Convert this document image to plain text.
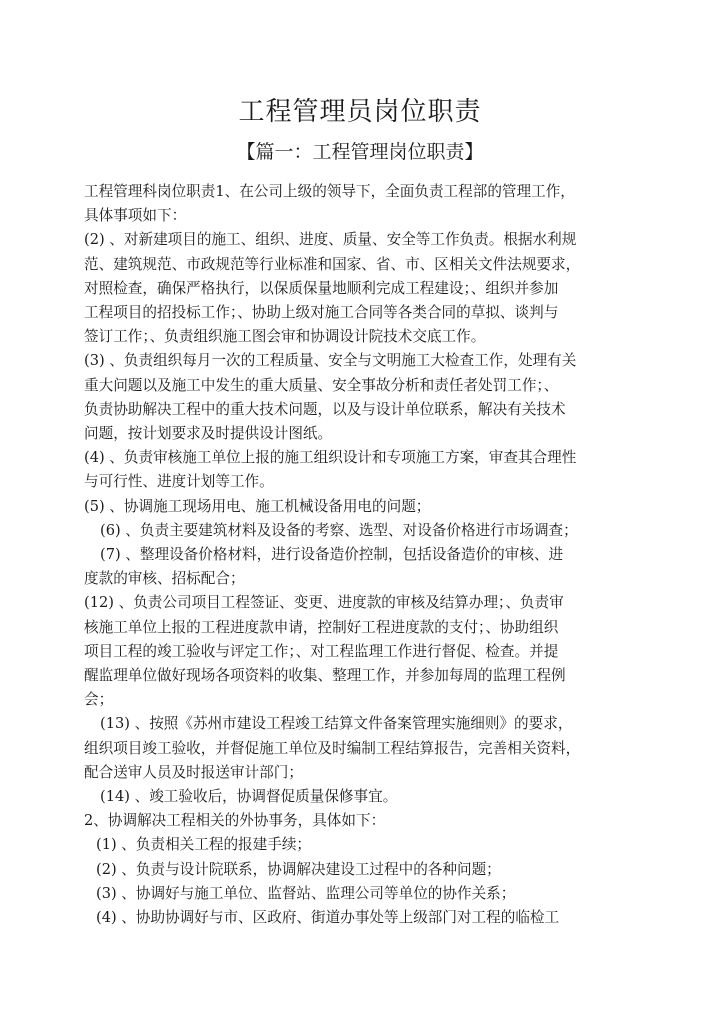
工程管理员岗位职责
【篇一：工程管理岗位职责】

工程管理科岗位职责1、在公司上级的领导下，全面负责工程部的管理工作，

具体事项如下：

(2) 、对新建项目的施工、组织、进度、质量、安全等工作负责。根据水利规

范、建筑规范、市政规范等行业标准和国家、省、市、区相关文件法规要求，

对照检查，确保严格执行，以保质保量地顺利完成工程建设；、组织并参加

工程项目的招投标工作；、协助上级对施工合同等各类合同的草拟、谈判与

签订工作；、负责组织施工图会审和协调设计院技术交底工作。

(3) 、负责组织每月一次的工程质量、安全与文明施工大检查工作，处理有关

重大问题以及施工中发生的重大质量、安全事故分析和责任者处罚工作；、

负责协助解决工程中的重大技术问题，以及与设计单位联系，解决有关技术

问题，按计划要求及时提供设计图纸。

(4) 、负责审核施工单位上报的施工组织设计和专项施工方案，审查其合理性

与可行性、进度计划等工作。

(5) 、协调施工现场用电、施工机械设备用电的问题；

(6) 、负责主要建筑材料及设备的考察、选型、对设备价格进行市场调查；

(7) 、整理设备价格材料，进行设备造价控制，包括设备造价的审核、进

度款的审核、招标配合；

(12) 、负责公司项目工程签证、变更、进度款的审核及结算办理；、负责审

核施工单位上报的工程进度款申请，控制好工程进度款的支付；、协助组织

项目工程的竣工验收与评定工作；、对工程监理工作进行督促、检查。并提

醒监理单位做好现场各项资料的收集、整理工作，并参加每周的监理工程例

会；

(13) 、按照《苏州市建设工程竣工结算文件备案管理实施细则》的要求，

组织项目竣工验收，并督促施工单位及时编制工程结算报告，完善相关资料，

配合送审人员及时报送审计部门；

(14) 、竣工验收后，协调督促质量保修事宜。

2、协调解决工程相关的外协事务，具体如下：

(1) 、负责相关工程的报建手续；

(2) 、负责与设计院联系，协调解决建设工过程中的各种问题；

(3) 、协调好与施工单位、监督站、监理公司等单位的协作关系；

(4) 、协助协调好与市、区政府、街道办事处等上级部门对工程的临检工
